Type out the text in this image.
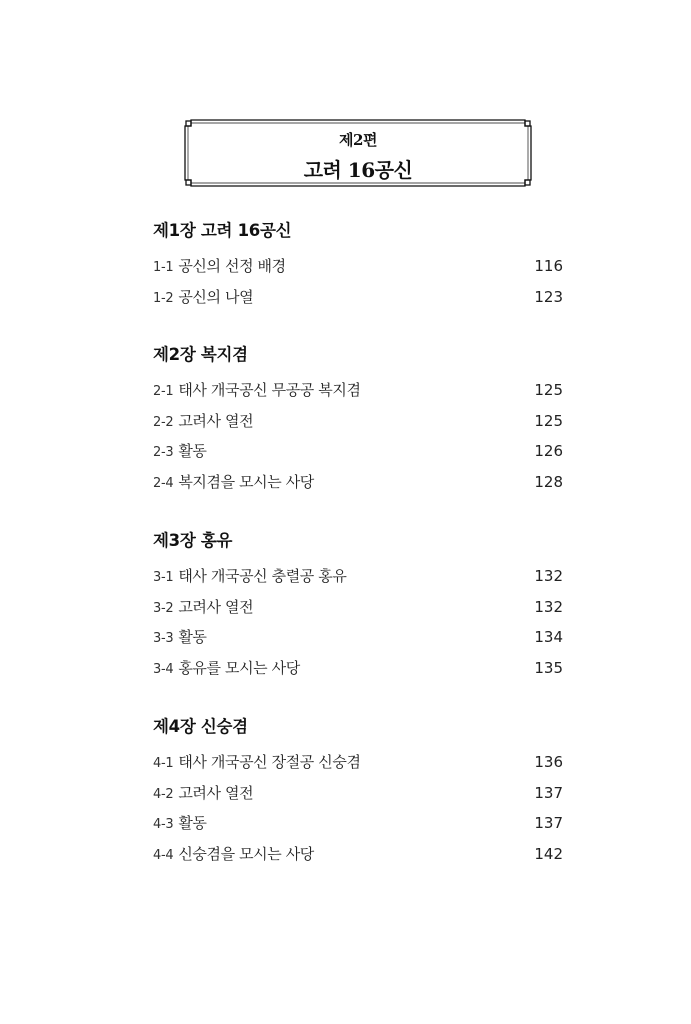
제2편
고려 16공신
제1장 고려 16공신
1-1 공신의 선정 배경	116
1-2 공신의 나열	123
제2장 복지겸
2-1 태사 개국공신 무공공 복지겸	125
2-2 고려사 열전	125
2-3 활동	126
2-4 복지겸을 모시는 사당	128
제3장 홍유
3-1 태사 개국공신 충렬공 홍유	132
3-2 고려사 열전	132
3-3 활동	134
3-4 홍유를 모시는 사당	135
제4장 신숭겸
4-1 태사 개국공신 장절공 신숭겸	136
4-2 고려사 열전	137
4-3 활동	137
4-4 신숭겸을 모시는 사당	142
